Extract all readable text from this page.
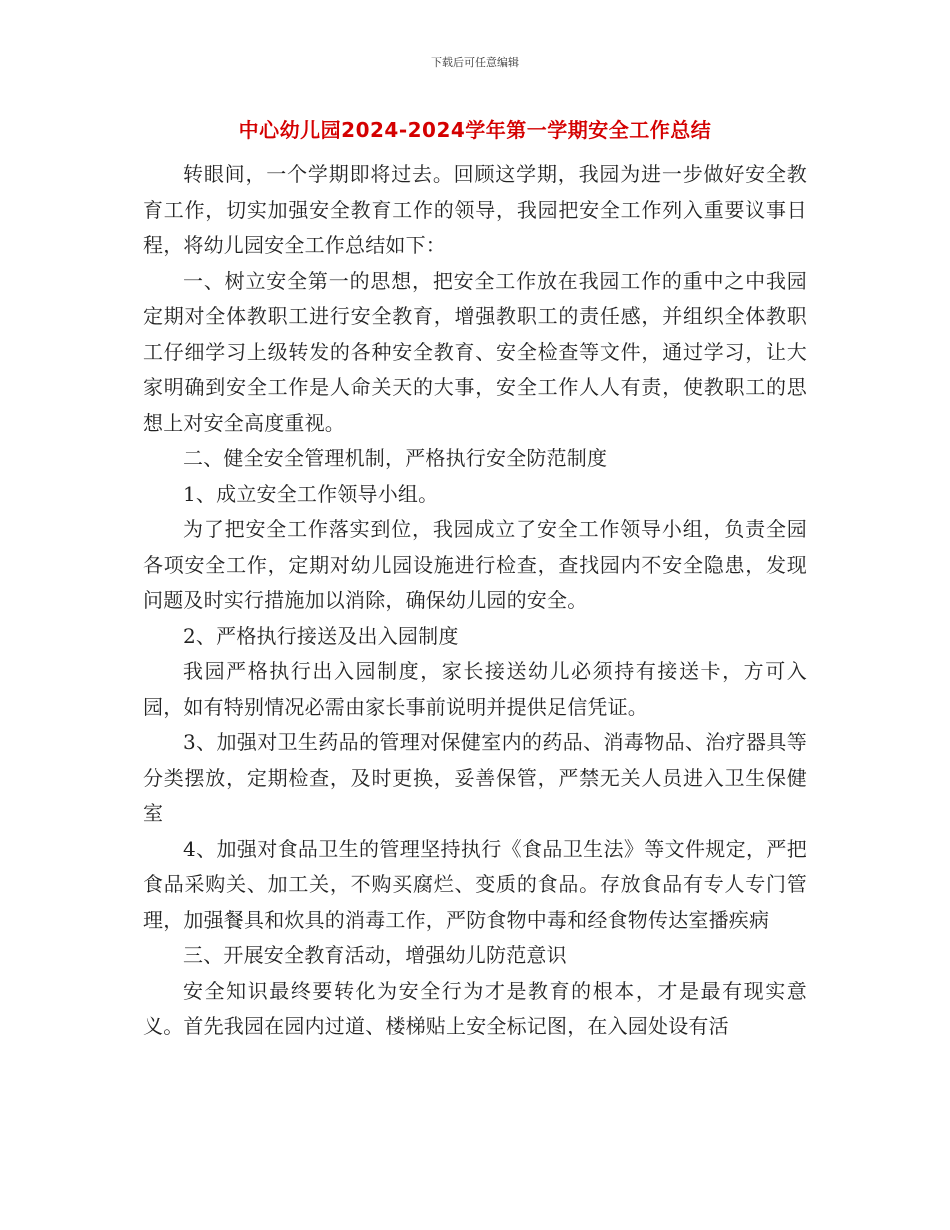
下载后可任意编辑
中心幼儿园2024-2024学年第一学期安全工作总结

转眼间，一个学期即将过去。回顾这学期，我园为进一步做好安全教育工作，切实加强安全教育工作的领导，我园把安全工作列入重要议事日程，将幼儿园安全工作总结如下：

一、树立安全第一的思想，把安全工作放在我园工作的重中之中我园定期对全体教职工进行安全教育，增强教职工的责任感，并组织全体教职工仔细学习上级转发的各种安全教育、安全检查等文件，通过学习，让大家明确到安全工作是人命关天的大事，安全工作人人有责，使教职工的思想上对安全高度重视。

二、健全安全管理机制，严格执行安全防范制度

1、成立安全工作领导小组。

为了把安全工作落实到位，我园成立了安全工作领导小组，负责全园各项安全工作，定期对幼儿园设施进行检查，查找园内不安全隐患，发现问题及时实行措施加以消除，确保幼儿园的安全。

2、严格执行接送及出入园制度

我园严格执行出入园制度，家长接送幼儿必须持有接送卡，方可入园，如有特别情况必需由家长事前说明并提供足信凭证。

3、加强对卫生药品的管理对保健室内的药品、消毒物品、治疗器具等分类摆放，定期检查，及时更换，妥善保管，严禁无关人员进入卫生保健室

4、加强对食品卫生的管理坚持执行《食品卫生法》等文件规定，严把食品采购关、加工关，不购买腐烂、变质的食品。存放食品有专人专门管理，加强餐具和炊具的消毒工作，严防食物中毒和经食物传达室播疾病

三、开展安全教育活动，增强幼儿防范意识

安全知识最终要转化为安全行为才是教育的根本，才是最有现实意义。首先我园在园内过道、楼梯贴上安全标记图，在入园处设有活
